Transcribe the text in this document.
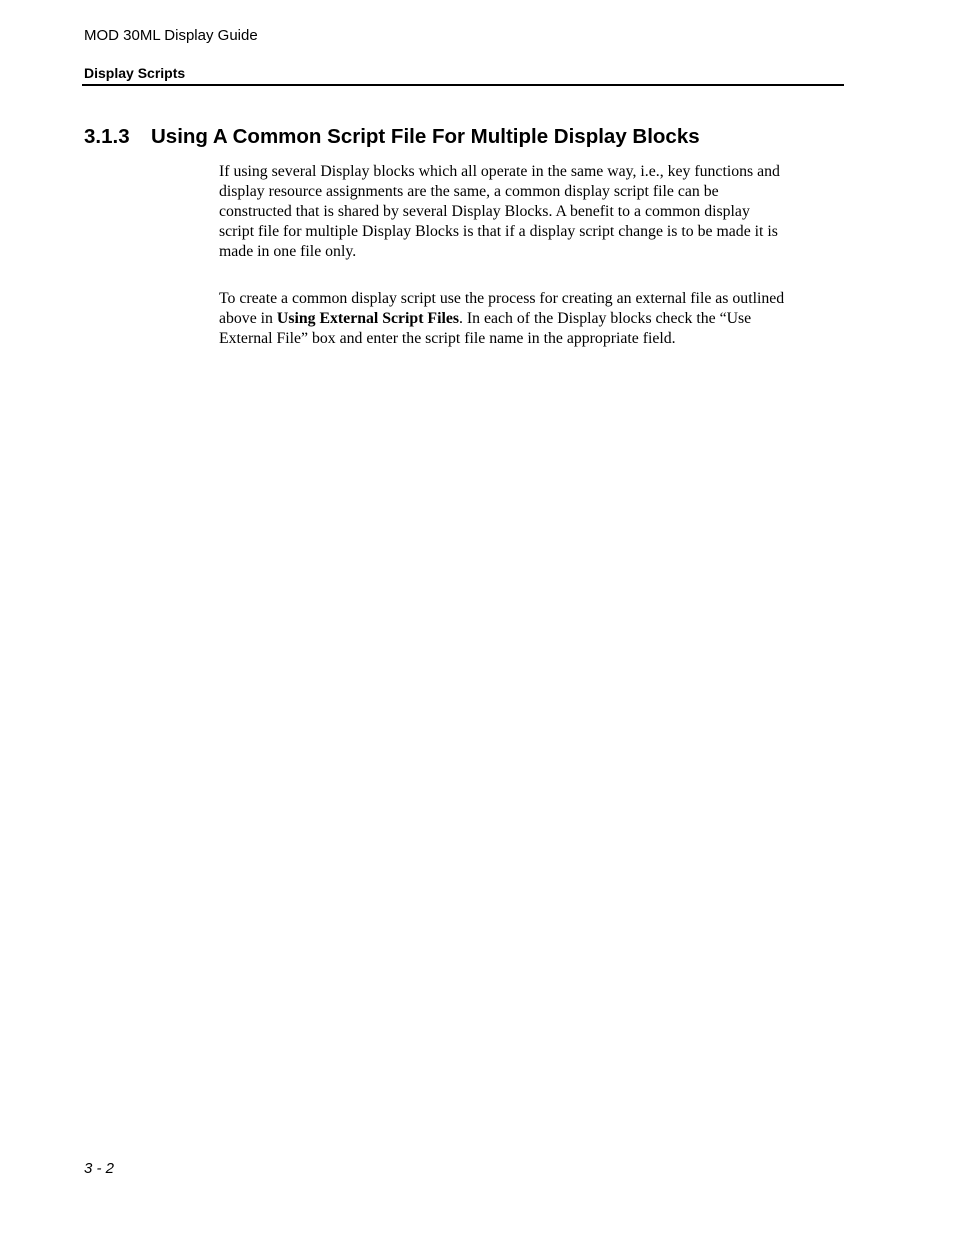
MOD 30ML Display Guide
Display Scripts
3.1.3 Using A Common Script File For Multiple Display Blocks

If using several Display blocks which all operate in the same way, i.e., key functions and
display resource assignments are the same, a common display script file can be
constructed that is shared by several Display Blocks. A benefit to a common display
script file for multiple Display Blocks is that if a display script change is to be made it is
made in one file only.

To create a common display script use the process for creating an external file as outlined
above in Using External Script Files. In each of the Display blocks check the “Use
External File” box and enter the script file name in the appropriate field.

3 - 2
